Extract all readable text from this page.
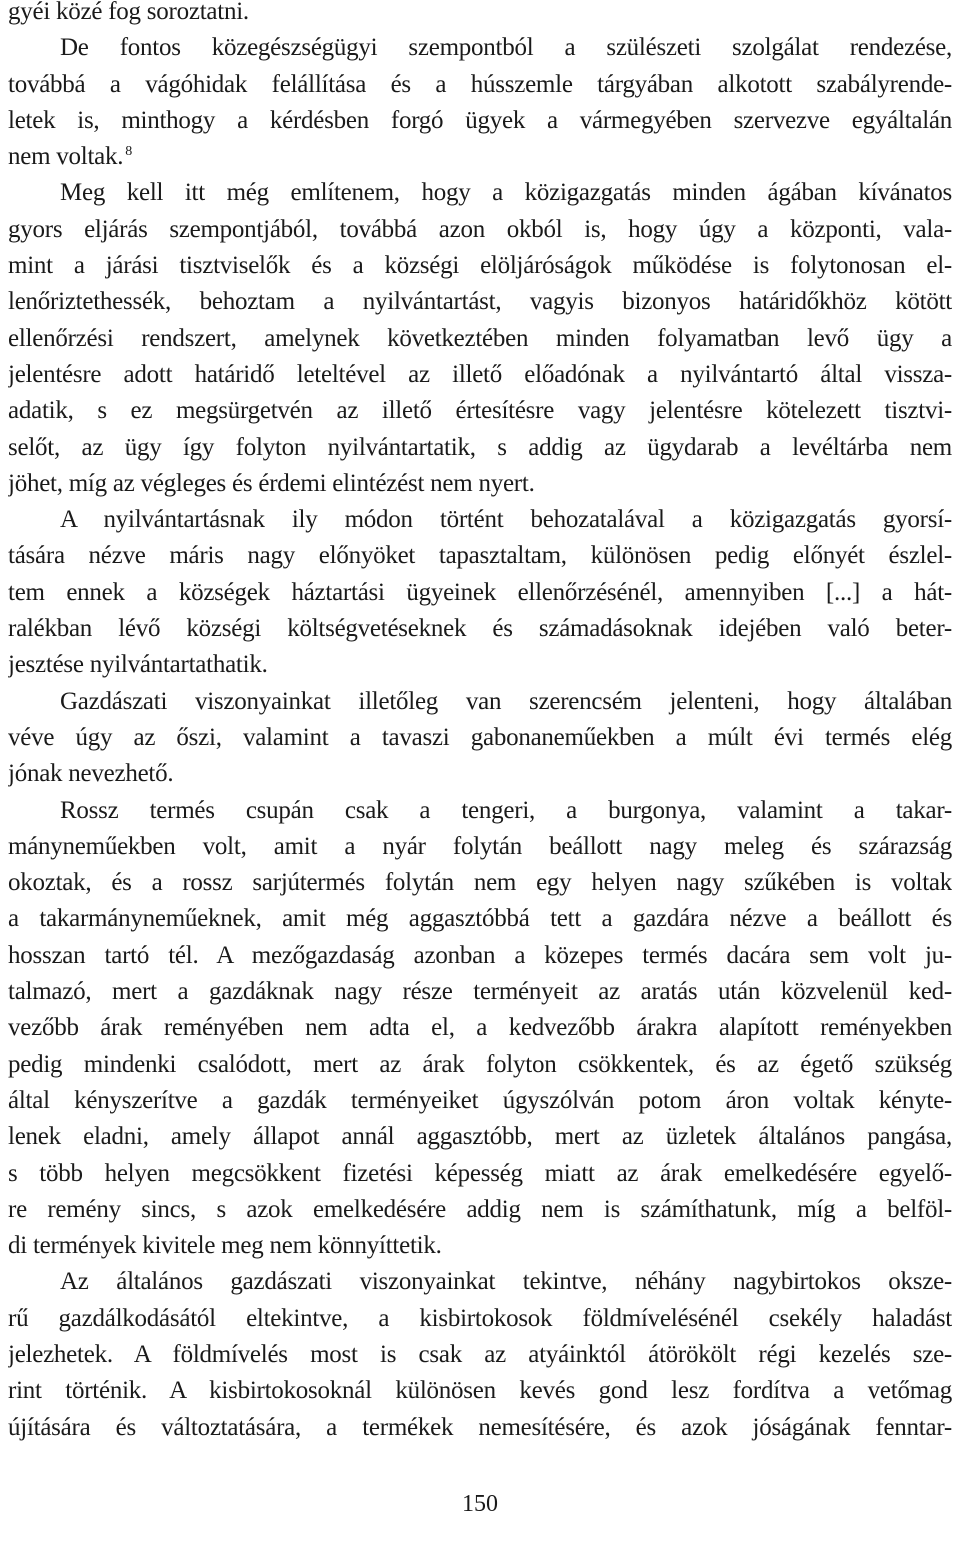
gyéi közé fog soroztatni.
De fontos közegészségügyi szempontból a szülészeti szolgálat rendezése,
továbbá a vágóhidak felállítása és a hússzemle tárgyában alkotott szabályrende-
letek is, minthogy a kérdésben forgó ügyek a vármegyében szervezve egyáltalán
nem voltak. $^8$
Meg kell itt még említenem, hogy a közigazgatás minden ágában kívánatos
gyors eljárás szempontjából, továbbá azon okból is, hogy úgy a központi, vala-
mint a járási tisztviselők és a községi elöljáróságok működése is folytonosan el-
lenőriztethessék, behoztam a nyilvántartást, vagyis bizonyos határidőkhöz kötött
ellenőrzési rendszert, amelynek következtében minden folyamatban levő ügy a
jelentésre adott határidő leteltével az illető előadónak a nyilvántartó által vissza-
adatik, s ez megsürgetvén az illető értesítésre vagy jelentésre kötelezett tisztvi-
selőt, az ügy így folyton nyilvántartatik, s addig az ügydarab a levéltárba nem
jöhet, míg az végleges és érdemi elintézést nem nyert.
A nyilvántartásnak ily módon történt behozatalával a közigazgatás gyorsí-
tására nézve máris nagy előnyöket tapasztaltam, különösen pedig előnyét észlel-
tem ennek a községek háztartási ügyeinek ellenőrzésénél, amennyiben [...] a hát-
ralékban lévő községi költségvetéseknek és számadásoknak idejében való beter-
jesztése nyilvántartathatik.
Gazdászati viszonyainkat illetőleg van szerencsém jelenteni, hogy általában
véve úgy az őszi, valamint a tavaszi gabonaneműekben a múlt évi termés elég
jónak nevezhető.
Rossz termés csupán csak a tengeri, a burgonya, valamint a takar-
mányneműekben volt, amit a nyár folytán beállott nagy meleg és szárazság
okoztak, és a rossz sarjútermés folytán nem egy helyen nagy szűkében is voltak
a takarmányneműeknek, amit még aggasztóbbá tett a gazdára nézve a beállott és
hosszan tartó tél. A mezőgazdaság azonban a közepes termés dacára sem volt ju-
talmazó, mert a gazdáknak nagy része terményeit az aratás után közvelenül ked-
vezőbb árak reményében nem adta el, a kedvezőbb árakra alapított reményekben
pedig mindenki csalódott, mert az árak folyton csökkentek, és az égető szükség
által kényszerítve a gazdák terményeiket úgyszólván potom áron voltak kénytе-
lenek eladni, amely állapot annál aggasztóbb, mert az üzletek általános pangása,
s több helyen megcsökkent fizetési képesség miatt az árak emelkedésére egyelő-
re remény sincs, s azok emelkedésére addig nem is számíthatunk, míg a belföl-
di termények kivitele meg nem könnyíttetik.
Az általános gazdászati viszonyainkat tekintve, néhány nagybirtokos okszе-
rű gazdálkodásától eltekintve, a kisbirtokosok földmívelésénél csekély haladást
jelezhetek. A földmívelés most is csak az atyáinktól átörökölt régi kezelés sze-
rint történik. A kisbirtokosoknál különösen kevés gond lesz fordítva a vetőmag
újítására és változtatására, a termékek nemesítésére, és azok jóságának fenntar-
150
